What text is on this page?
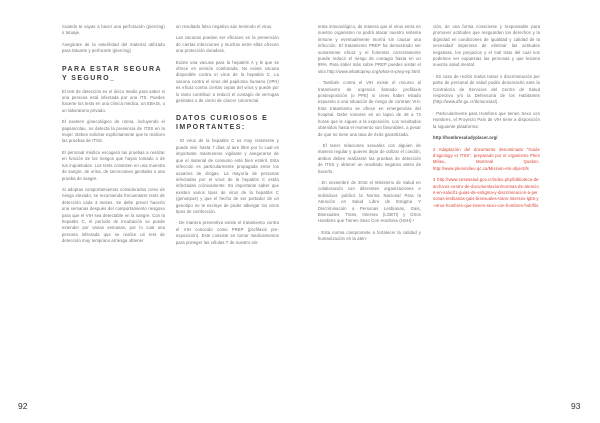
Cuando te vayas a hacer una perforación (piercing) o tatuaje.

Asegúrate de la esterilidad del material utilizado para tatuarte y perforarte (piercing)

PARA ESTAR SEGURA Y SEGURO_

El test de detección es el único medio para saber si una persona está infectada por una ITS. Puedes hacerte los tests en una clínica médica, un EBAIS, o un laboratorio privado.

El examen ginecológico de rutina, incluyendo el papanicolau, no detecta la presencia de ITSS en la mujer. Debes solicitar explícitamente que te realicen las pruebas de ITSS.

El personal médico escogerá las pruebas a realizar en función de los riesgos que hayas tomado o de tus inquietudes. Los tests consisten en una muestra de sangre, de orina, de secreciones genitales o una prueba de sangre.

Si adoptas comportamientos considerados como de riesgo elevado, se recomienda frecuentarte tests de detección cada 3 meses. Se debe prever hacerlo una semanas después del comportamiento riesgoso para que el VIH sea detectable en la sangre. Con la hepatitis C, el período de incubación se puede extender por varias semanas, por lo cual una persona infectada que se realice un test de detección muy temprano arriesga obtener

un resultado falso negativo aún teniendo el virus.

Las vacunas pueden ser eficaces en la prevención de ciertas infecciones y muchas entre ellas ofrecen una protección duradera.

Existe una vacuna para la hepatitis A y B que se ofrece en versión combinada. No existe vacuna disponible contra el virus de la hepatitis C. La vacuna contra el virus del papiloma humano (VPH) es eficaz contra ciertas cepas del virus y puede por lo tanto contribuir a reducir el contagio de verrugas genitales o de cierto de cáncer colorrectal.

DATOS CURIOSOS E IMPORTANTES:

· El virus de la hepatitis C es muy resistente y puede vivir hasta 7 días al aire libre por lo cual es importante mantenerse vigilante y asegurarse de que el material de consumo esté bien estéril. Esta infección es particularmente propagada entre los usuarios de drogas. La mayoría de personas infectadas por el virus de la hepatitis C están infectadas crónicamente. Es importante saber que existen varios tipos de virus de la hepatitis C (genotipos) y que el hecho de ser portador de un genotipo no te excluye de poder albergar los otros tipos de coinfección.

· De manera preventiva existe el tratamiento contra el VIH conocido como PREP (profilaxis pre-exposición). Este consiste en tomar medicamentos para proteger las células T de nuestro sis-

tema inmunológico, de manera que el virus entra en nuestro organismo no podrá atacar nuestro sistema inmune y eventualmente morirá sin causar una infección. El tratamiento PREP ha demostrado ser sumamente eficaz y el fomentar correctamente puede reducir el riesgo de contagio hasta en un 99%. Para saber más sobre PREP puedes visitar el sitio http://www.whattoprep.org/what-is-prep-ep.html

· También contra el VIH existe el recurso al tratamiento de urgencia llamado profilaxis postexposición (o PPE) si crees haber estado expuesto a una situación de riesgo de contraer VIH. Este tratamiento se ofrece en emergencias del hospital. Debe tomarse en un lapso de 48 a 72 horas que le siguen a la exposición. Los resultados obtenidos hasta el momento son favorables, a pesar de que no tiene una tasa de éxito garantizada.

· El tener relaciones sexuales con alguien de manera regular y quieres dejar de utilizar el condón, ambos deben realizarse las pruebas de detección de ITSS y obtener un resultado negativo antes de hacerlo.

· En noviembre de 2016 el Ministerio de Salud en colaboración con diferentes organizaciones e individuos publicó la Norma Nacional Para la Atención en Salud Libre de Estigma Y Discriminación a Personas Lesbianas, Gais, Bisexuales, Trans, Intersex (LGBTI) y Otros Hombres que Tienen Sexo Con Hombres (HSH).²

· Esta norma compromete a fortalecer la calidad y humanización en la aten-

ción, de una forma consciente y responsable para promover actitudes que resguarden los derechos y la dignidad en condiciones de igualdad y calidad de la necesidad imperiosa de eliminar las actitudes negativas, los prejuicios y el mal trato del cual nos podemos ver expuestas las personas y que lesiona nuestra salud mental.

· En caso de recibir malos tratos o discriminación por parte de personal de salud podés denunciarlo ante la Contraloría de Servicios del Centro de Salud respectivo y/o la Defensoría de los Habitantes (http://www.dhr.go.cr/denuncias/).

· Particularmente para Hombres que tienen Sexo con Hombres, el Proyecto País de VIH tiene a disposición la siguiente plataforma:

http://hombresaludyplacer.org/

2 Adaptación del documento denominado "Guide d'agiology et ITSS", preparado por el organismo Plein Milieu, Montreal Quebec. http://www.pleinmilieu.qc.ca/Mission-ets-objectifs

3 http://www.cesasalud.gov.cr/index.php/biblioteca-de-archivos-centro-de-documentacion/normas-de-atencion-en-salud/1-guias-de-estigma-y-discriminacion-a-personas-lesbianas-gais-bisexuales-trans-intersex-lgbti-y-otros-hombres-que-tienen-sexo-con-hombres-hsh/file

92	93
